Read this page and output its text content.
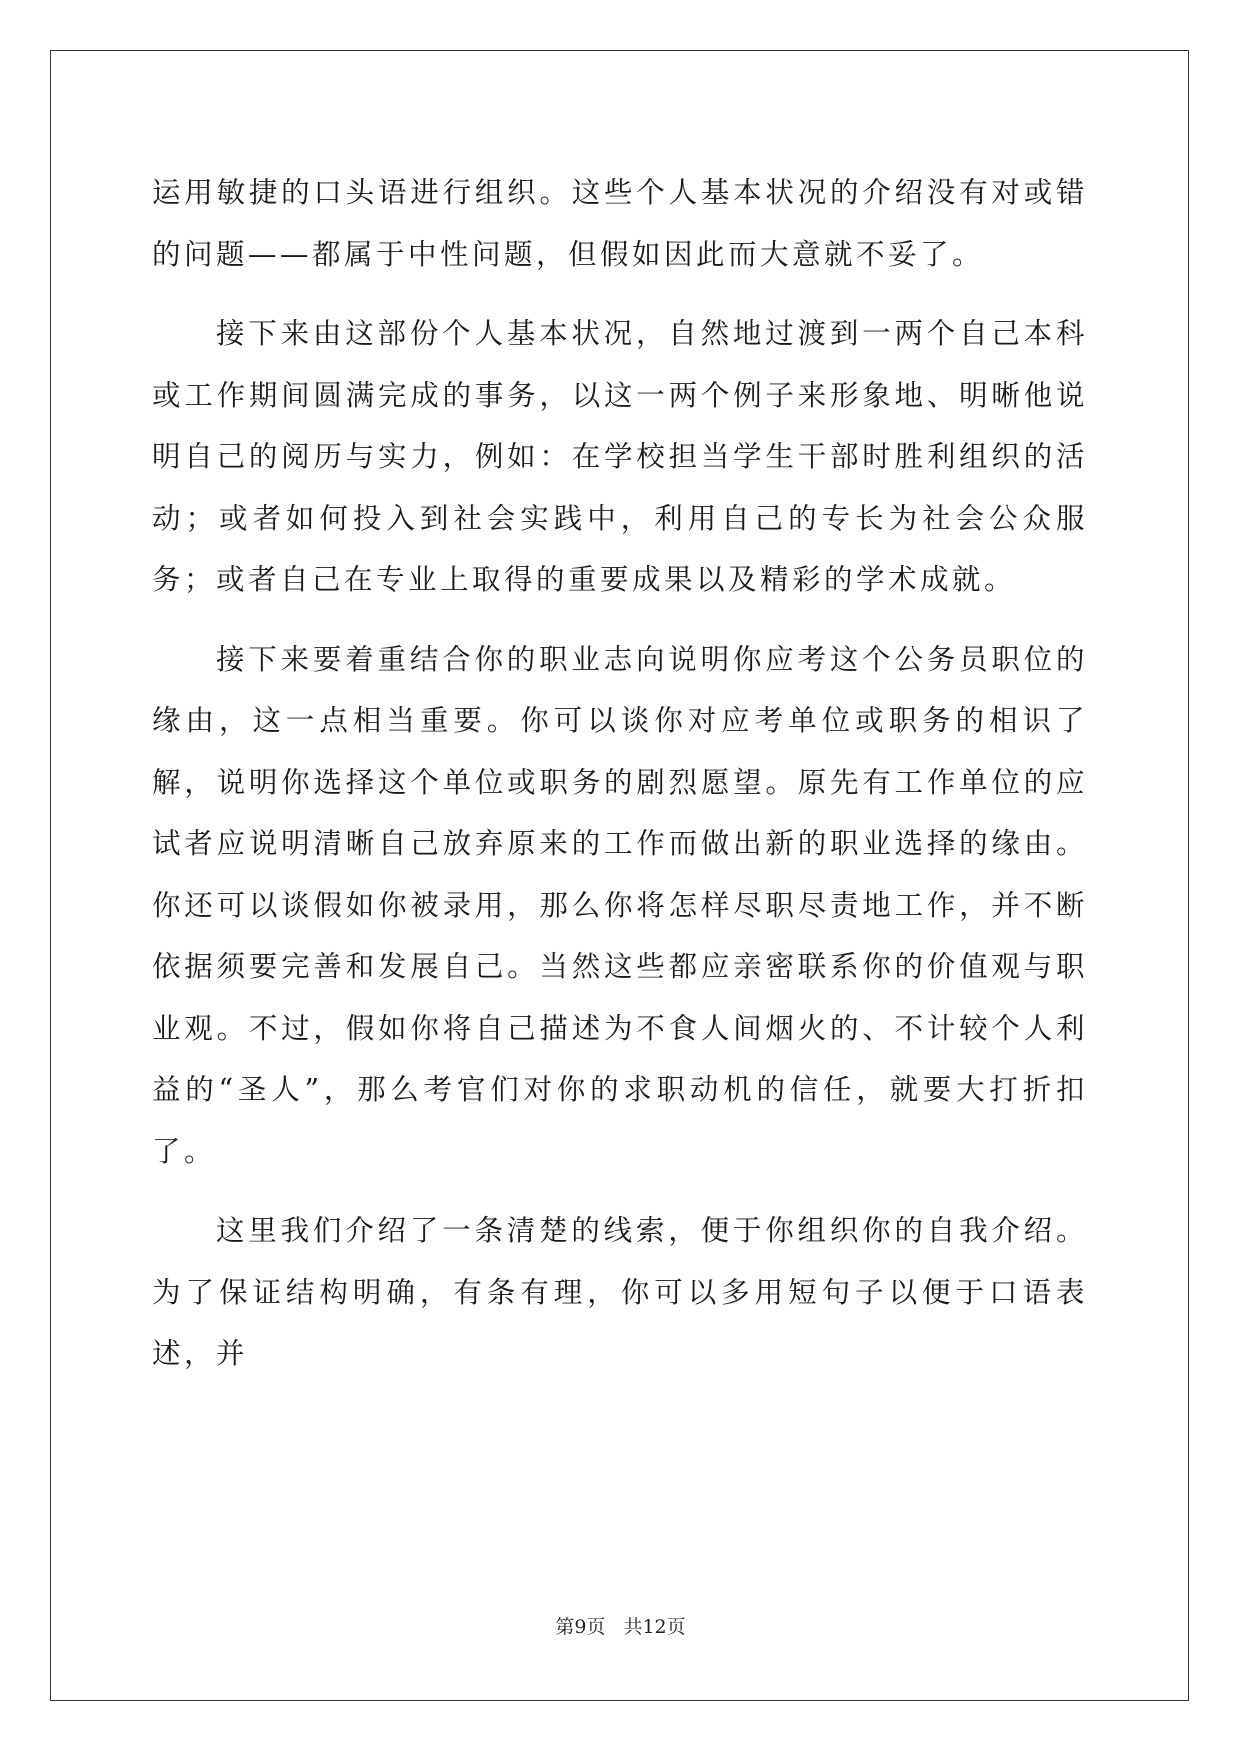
运用敏捷的口头语进行组织。这些个人基本状况的介绍没有对或错的问题——都属于中性问题，但假如因此而大意就不妥了。

接下来由这部份个人基本状况，自然地过渡到一两个自己本科或工作期间圆满完成的事务，以这一两个例子来形象地、明晰他说明自己的阅历与实力，例如：在学校担当学生干部时胜利组织的活动；或者如何投入到社会实践中，利用自己的专长为社会公众服务；或者自己在专业上取得的重要成果以及精彩的学术成就。

接下来要着重结合你的职业志向说明你应考这个公务员职位的缘由，这一点相当重要。你可以谈你对应考单位或职务的相识了解，说明你选择这个单位或职务的剧烈愿望。原先有工作单位的应试者应说明清晰自己放弃原来的工作而做出新的职业选择的缘由。你还可以谈假如你被录用，那么你将怎样尽职尽责地工作，并不断依据须要完善和发展自己。当然这些都应亲密联系你的价值观与职业观。不过，假如你将自己描述为不食人间烟火的、不计较个人利益的“圣人”，那么考官们对你的求职动机的信任，就要大打折扣了。

这里我们介绍了一条清楚的线索，便于你组织你的自我介绍。为了保证结构明确，有条有理，你可以多用短句子以便于口语表述，并

第9页 共12页
